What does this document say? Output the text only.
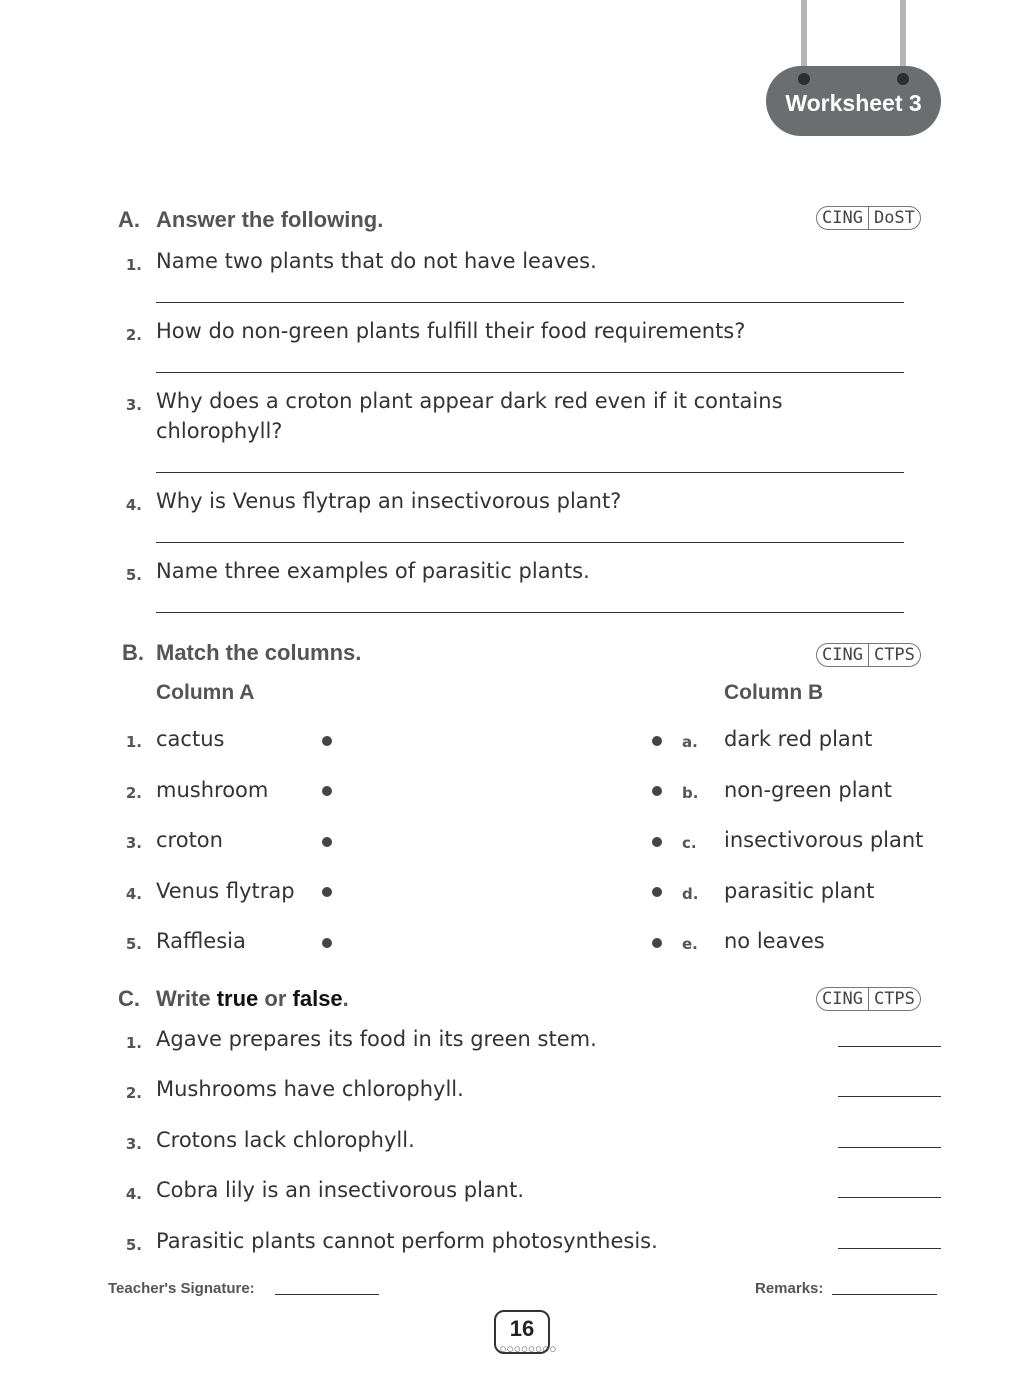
Worksheet 3
A. Answer the following.	CING DoST
1. Name two plants that do not have leaves.
2. How do non-green plants fulfill their food requirements?
3. Why does a croton plant appear dark red even if it contains
chlorophyll?
4. Why is Venus flytrap an insectivorous plant?
5. Name three examples of parasitic plants.
B. Match the columns.	CING CTPS
Column A	Column B
1. cactus	a. dark red plant
2. mushroom	b. non-green plant
3. croton	c. insectivorous plant
4. Venus flytrap	d. parasitic plant
5. Rafflesia	e. no leaves
C. Write true or false.	CING CTPS
1. Agave prepares its food in its green stem.
2. Mushrooms have chlorophyll.
3. Crotons lack chlorophyll.
4. Cobra lily is an insectivorous plant.
5. Parasitic plants cannot perform photosynthesis.
Teacher's Signature:	Remarks:
16
○○○○○○○○
